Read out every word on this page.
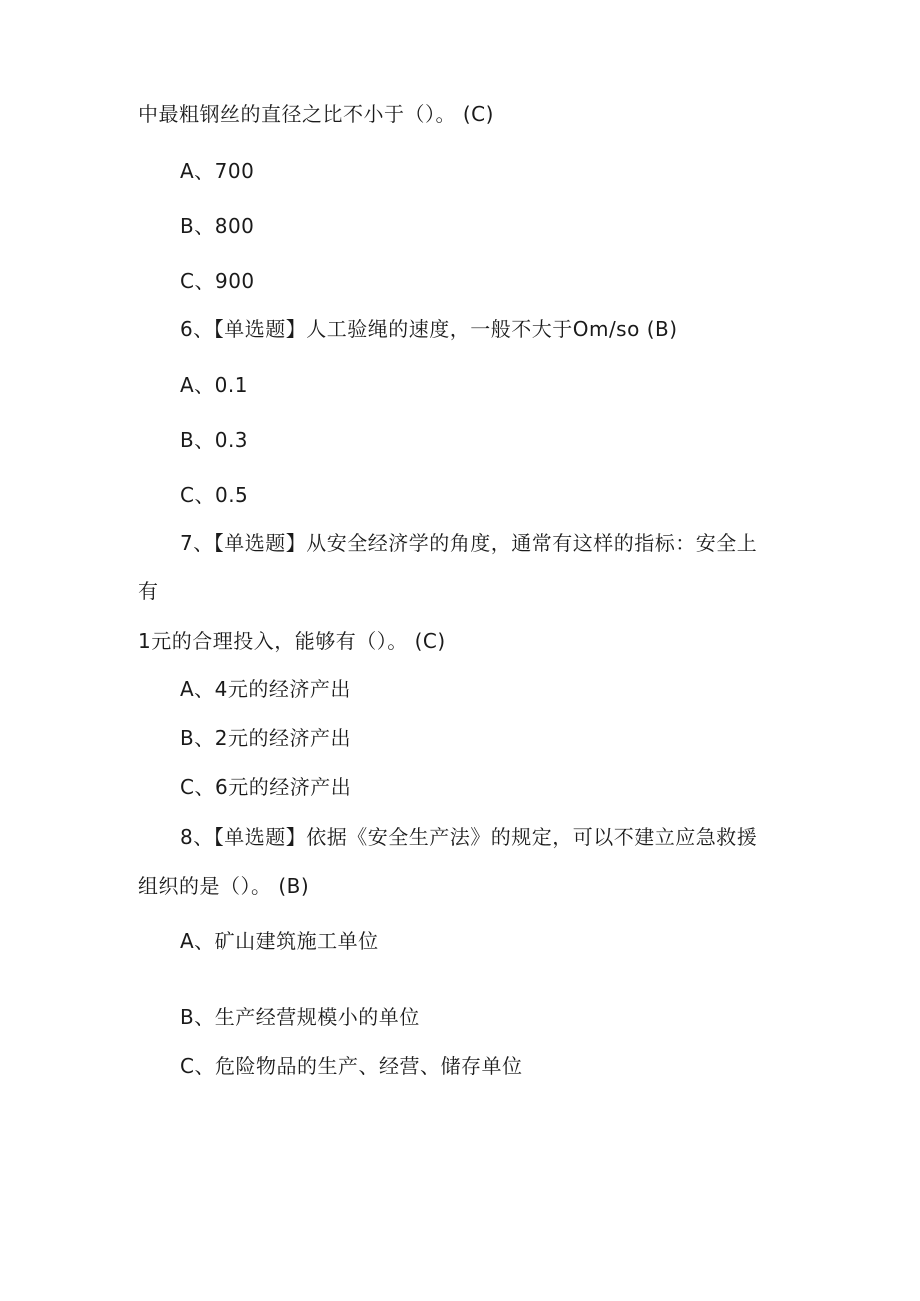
中最粗钢丝的直径之比不小于（）。 (C)
A、700
B、800
C、900
6、【单选题】人工验绳的速度，一般不大于Om/so (B)
A、0.1
B、0.3
C、0.5
7、【单选题】从安全经济学的角度，通常有这样的指标：安全上
有
1元的合理投入，能够有（）。 (C)
A、4元的经济产出
B、2元的经济产出
C、6元的经济产出
8、【单选题】依据《安全生产法》的规定，可以不建立应急救援
组织的是（）。 (B)
A、矿山建筑施工单位
B、生产经营规模小的单位
C、危险物品的生产、经营、储存单位
